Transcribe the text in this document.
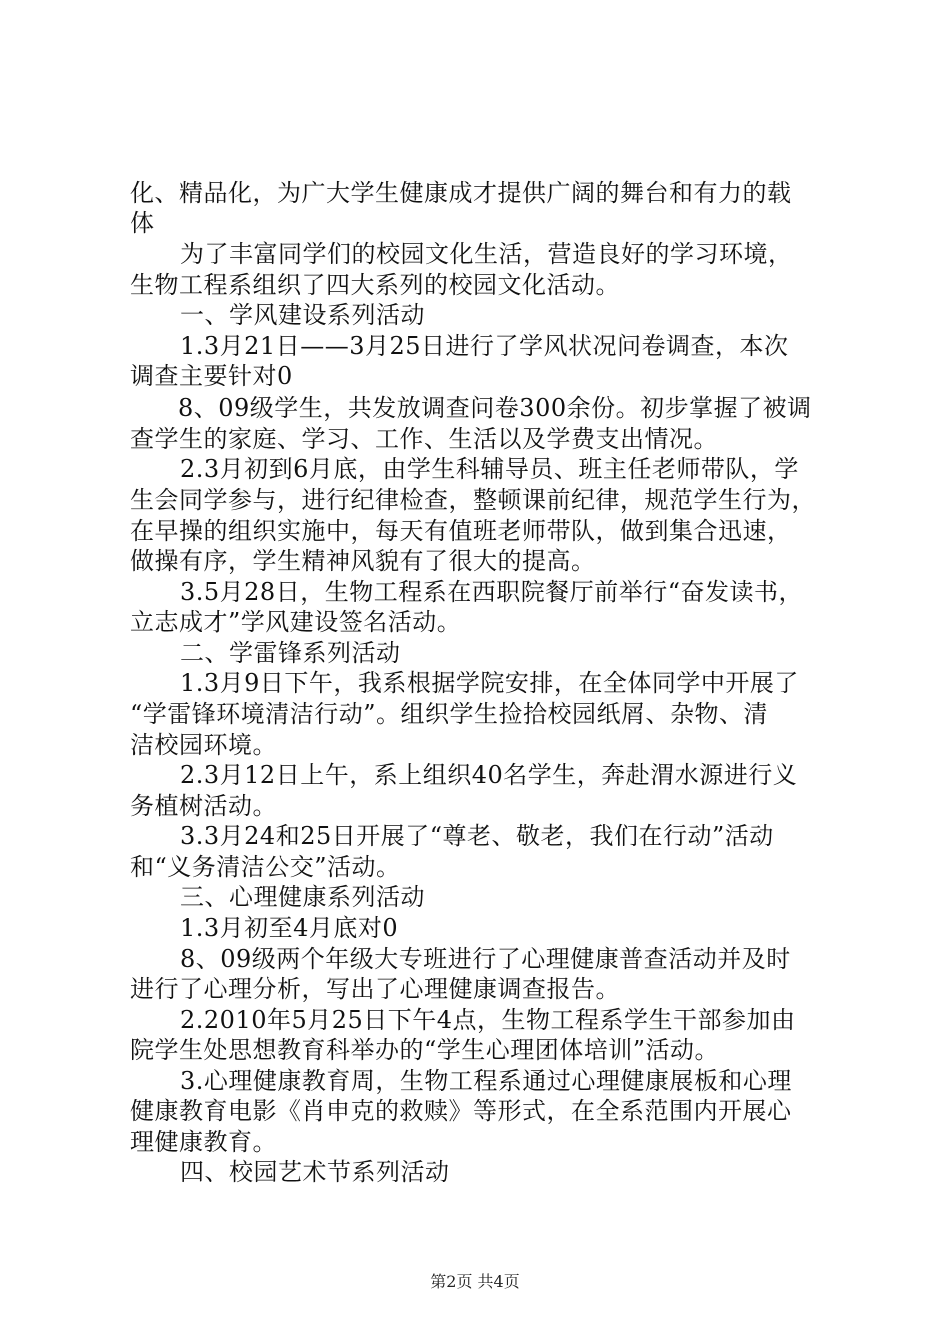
化、精品化，为广大学生健康成才提供广阔的舞台和有力的载
体
为了丰富同学们的校园文化生活，营造良好的学习环境，
生物工程系组织了四大系列的校园文化活动。
一、学风建设系列活动
1.3月21日——3月25日进行了学风状况问卷调查，本次
调查主要针对0
8、09级学生，共发放调查问卷300余份。初步掌握了被调
查学生的家庭、学习、工作、生活以及学费支出情况。
2.3月初到6月底，由学生科辅导员、班主任老师带队，学
生会同学参与，进行纪律检查，整顿课前纪律，规范学生行为，
在早操的组织实施中，每天有值班老师带队，做到集合迅速，
做操有序，学生精神风貌有了很大的提高。
3.5月28日，生物工程系在西职院餐厅前举行“奋发读书，
立志成才”学风建设签名活动。
二、学雷锋系列活动
1.3月9日下午，我系根据学院安排，在全体同学中开展了
“学雷锋环境清洁行动”。组织学生捡拾校园纸屑、杂物、清
洁校园环境。
2.3月12日上午，系上组织40名学生，奔赴渭水源进行义
务植树活动。
3.3月24和25日开展了“尊老、敬老，我们在行动”活动
和“义务清洁公交”活动。
三、心理健康系列活动
1.3月初至4月底对0
8、09级两个年级大专班进行了心理健康普查活动并及时
进行了心理分析，写出了心理健康调查报告。
2.2010年5月25日下午4点，生物工程系学生干部参加由
院学生处思想教育科举办的“学生心理团体培训”活动。
3.心理健康教育周，生物工程系通过心理健康展板和心理
健康教育电影《肖申克的救赎》等形式，在全系范围内开展心
理健康教育。
四、校园艺术节系列活动
第2页 共4页
